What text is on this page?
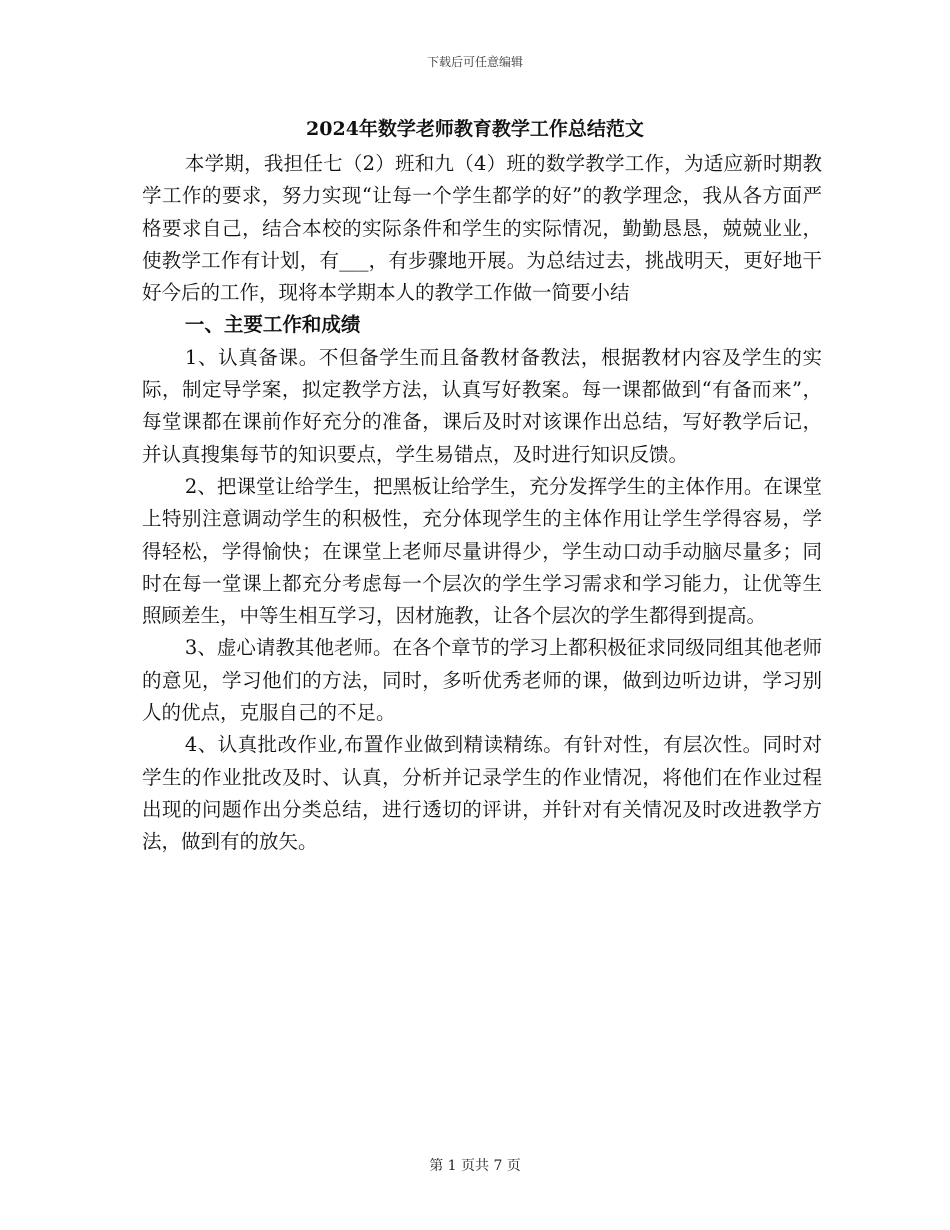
下载后可任意编辑
2024年数学老师教育教学工作总结范文

本学期，我担任七（2）班和九（4）班的数学教学工作，为适应新时期教学工作的要求，努力实现“让每一个学生都学的好”的教学理念，我从各方面严格要求自己，结合本校的实际条件和学生的实际情况，勤勤恳恳，兢兢业业，使教学工作有计划，有___，有步骤地开展。为总结过去，挑战明天，更好地干好今后的工作，现将本学期本人的教学工作做一简要小结

一、主要工作和成绩

1、认真备课。不但备学生而且备教材备教法，根据教材内容及学生的实际，制定导学案，拟定教学方法，认真写好教案。每一课都做到“有备而来”，每堂课都在课前作好充分的准备，课后及时对该课作出总结，写好教学后记，并认真搜集每节的知识要点，学生易错点，及时进行知识反馈。

2、把课堂让给学生，把黑板让给学生，充分发挥学生的主体作用。在课堂上特别注意调动学生的积极性，充分体现学生的主体作用让学生学得容易，学得轻松，学得愉快；在课堂上老师尽量讲得少，学生动口动手动脑尽量多；同时在每一堂课上都充分考虑每一个层次的学生学习需求和学习能力，让优等生照顾差生，中等生相互学习，因材施教，让各个层次的学生都得到提高。

3、虚心请教其他老师。在各个章节的学习上都积极征求同级同组其他老师的意见，学习他们的方法，同时，多听优秀老师的课，做到边听边讲，学习别人的优点，克服自己的不足。

4、认真批改作业,布置作业做到精读精练。有针对性，有层次性。同时对学生的作业批改及时、认真，分析并记录学生的作业情况，将他们在作业过程出现的问题作出分类总结，进行透切的评讲，并针对有关情况及时改进教学方法，做到有的放矢。

第 1 页共 7 页
